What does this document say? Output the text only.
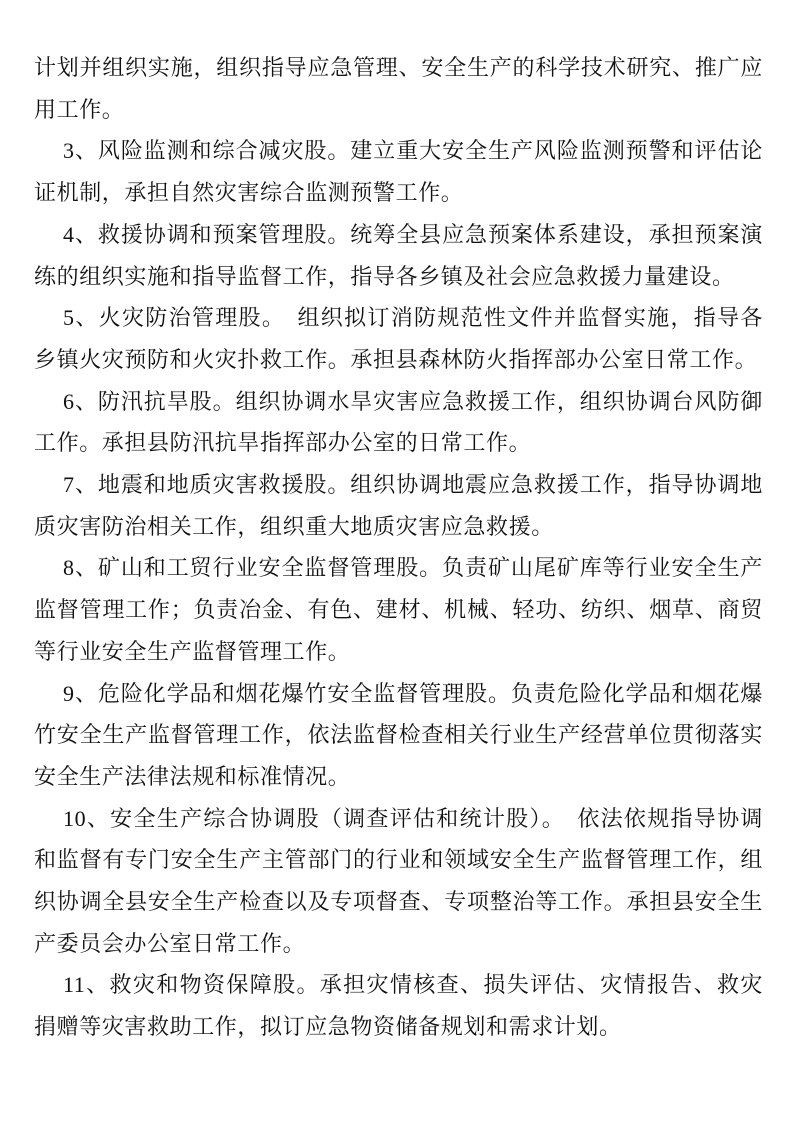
计划并组织实施，组织指导应急管理、安全生产的科学技术研究、推广应用工作。

3、风险监测和综合减灾股。建立重大安全生产风险监测预警和评估论证机制，承担自然灾害综合监测预警工作。

4、救援协调和预案管理股。统筹全县应急预案体系建设，承担预案演练的组织实施和指导监督工作，指导各乡镇及社会应急救援力量建设。

5、火灾防治管理股。　组织拟订消防规范性文件并监督实施，指导各乡镇火灾预防和火灾扑救工作。承担县森林防火指挥部办公室日常工作。

6、防汛抗旱股。组织协调水旱灾害应急救援工作，组织协调台风防御工作。承担县防汛抗旱指挥部办公室的日常工作。

7、地震和地质灾害救援股。组织协调地震应急救援工作，指导协调地质灾害防治相关工作，组织重大地质灾害应急救援。

8、矿山和工贸行业安全监督管理股。负责矿山尾矿库等行业安全生产监督管理工作；负责冶金、有色、建材、机械、轻功、纺织、烟草、商贸等行业安全生产监督管理工作。

9、危险化学品和烟花爆竹安全监督管理股。负责危险化学品和烟花爆竹安全生产监督管理工作，依法监督检查相关行业生产经营单位贯彻落实安全生产法律法规和标准情况。

10、安全生产综合协调股（调查评估和统计股）。　依法依规指导协调和监督有专门安全生产主管部门的行业和领域安全生产监督管理工作，组织协调全县安全生产检查以及专项督查、专项整治等工作。承担县安全生产委员会办公室日常工作。

11、救灾和物资保障股。承担灾情核查、损失评估、灾情报告、救灾捐赠等灾害救助工作，拟订应急物资储备规划和需求计划。
